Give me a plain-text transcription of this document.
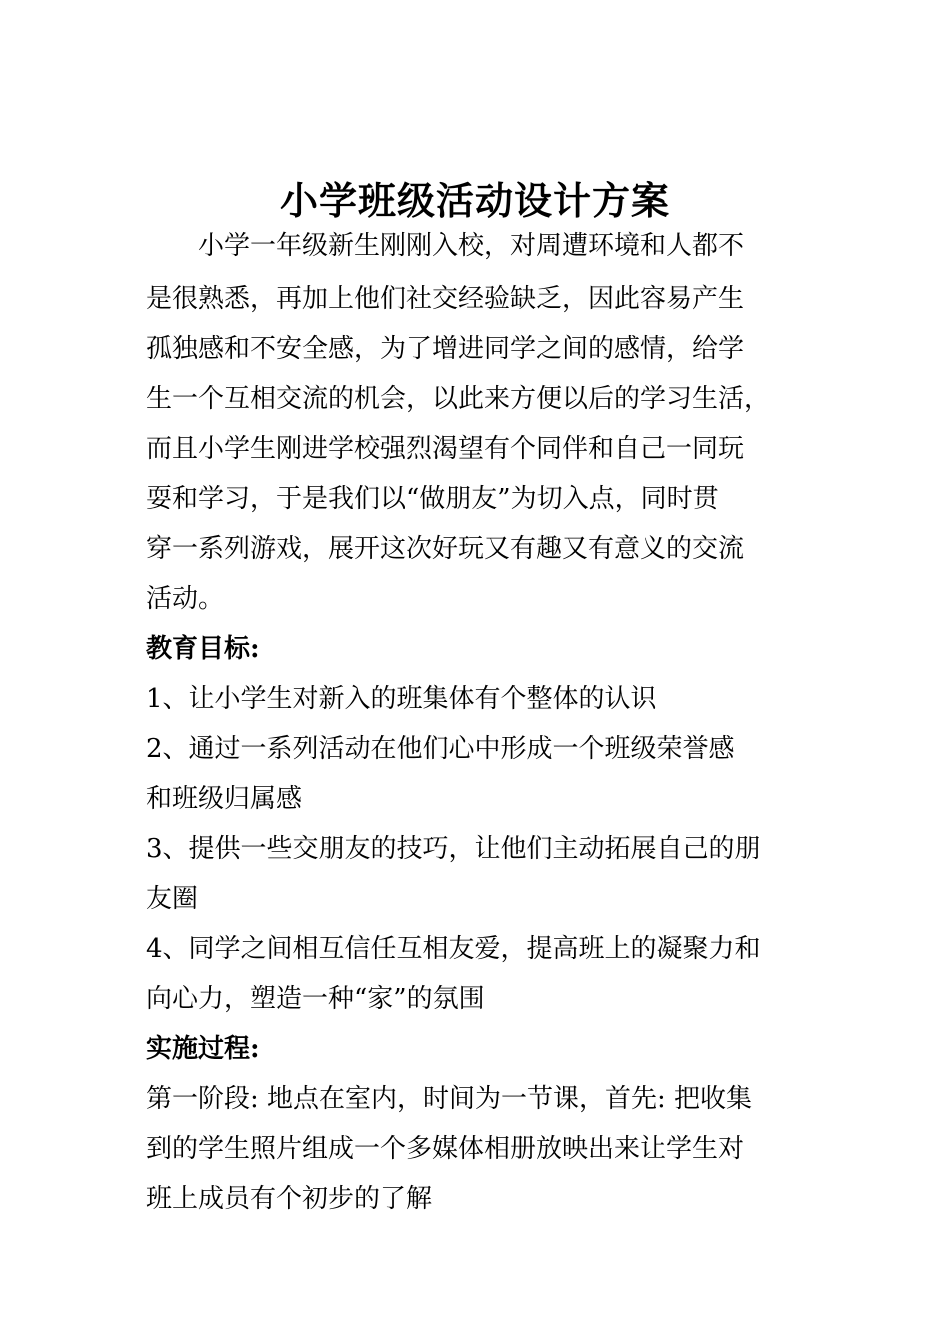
小学班级活动设计方案
小学一年级新生刚刚入校，对周遭环境和人都不
是很熟悉，再加上他们社交经验缺乏，因此容易产生
孤独感和不安全感，为了增进同学之间的感情，给学
生一个互相交流的机会，以此来方便以后的学习生活，
而且小学生刚进学校强烈渴望有个同伴和自己一同玩
耍和学习，于是我们以“做朋友”为切入点，同时贯
穿一系列游戏，展开这次好玩又有趣又有意义的交流
活动。
教育目标:
1、让小学生对新入的班集体有个整体的认识
2、通过一系列活动在他们心中形成一个班级荣誉感
和班级归属感
3、提供一些交朋友的技巧，让他们主动拓展自己的朋
友圈
4、同学之间相互信任互相友爱，提高班上的凝聚力和
向心力，塑造一种“家”的氛围
实施过程:
第一阶段: 地点在室内，时间为一节课，首先: 把收集
到的学生照片组成一个多媒体相册放映出来让学生对
班上成员有个初步的了解
